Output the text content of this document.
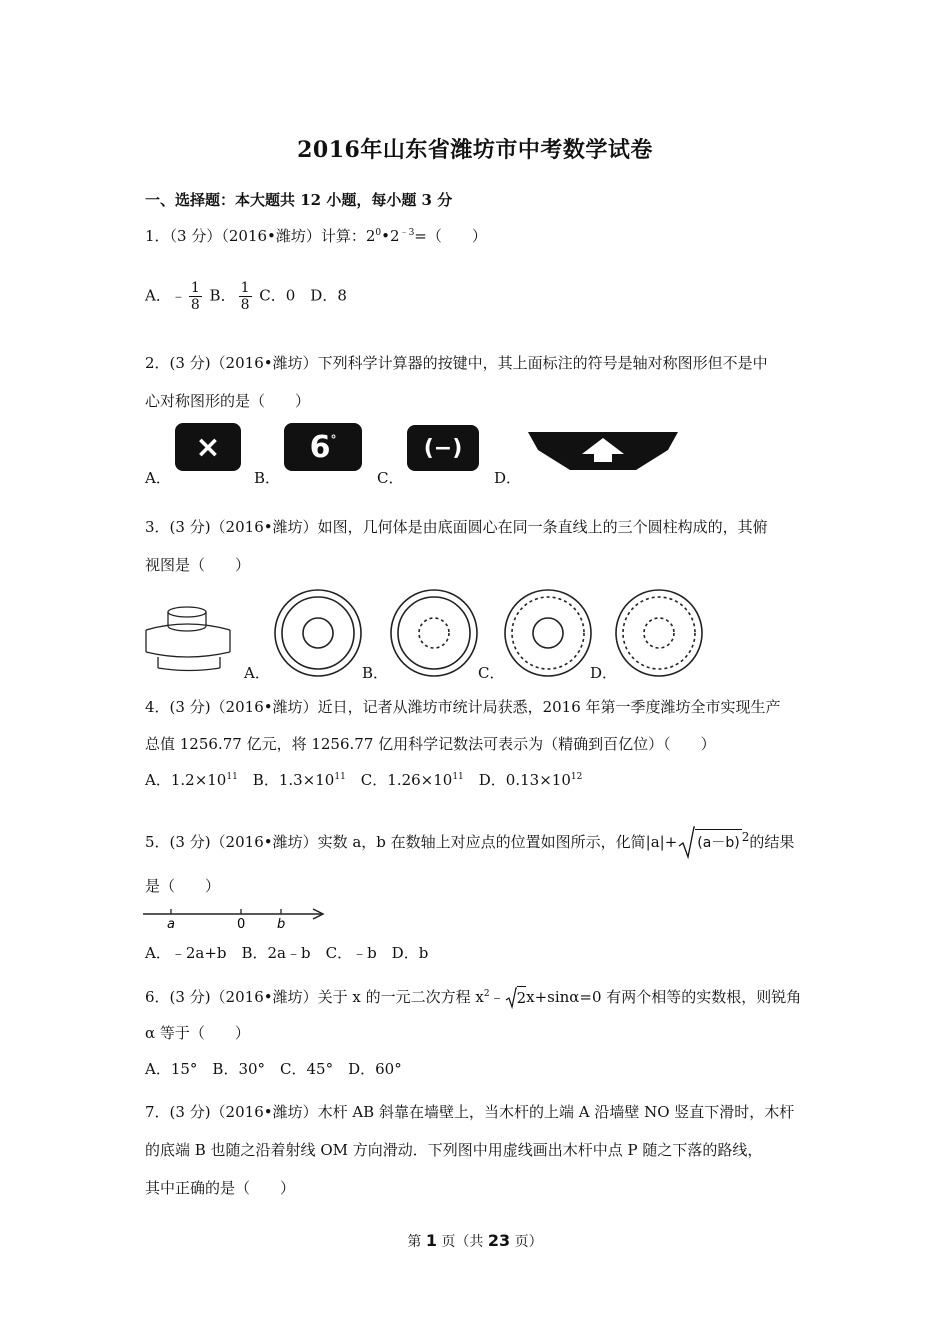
2016年山东省潍坊市中考数学试卷
一、选择题：本大题共 12 小题，每小题 3 分
1．（3 分）（2016•潍坊）计算：$2^0•2^{﹣3}=$（　　）
A．﹣ $\frac{1}{8}$ B． $\frac{1}{8}$ C．0　D．8
2．(3 分)（2016•潍坊）下列科学计算器的按键中，其上面标注的符号是轴对称图形但不是中
心对称图形的是（　　）
A．
×
B．
6 °
C．
(−)
D．
3．(3 分)（2016•潍坊）如图，几何体是由底面圆心在同一条直线上的三个圆柱构成的，其俯
视图是（　　）
A．	B．	C．	D．
4．(3 分)（2016•潍坊）近日，记者从潍坊市统计局获悉，2016 年第一季度潍坊全市实现生产
总值 1256.77 亿元，将 1256.77 亿用科学记数法可表示为（精确到百亿位）（　　）
A．$1.2\times 10^{11}$　B．$1.3\times 10^{11}$　C．$1.26\times 10^{11}$　D．$0.13\times 10^{12}$
5．(3 分)（2016•潍坊）实数 a，b 在数轴上对应点的位置如图所示，化简|a|+ (a－b) $^2$的结果
是（　　）
a	0 b
A．﹣2a+b　B．2a﹣b　C．﹣b　D．b
6．(3 分)（2016•潍坊）关于 x 的一元二次方程 $x^2﹣$ 2x+sinα=0 有两个相等的实数根，则锐角
α 等于（　　）
A．15°　B．30°　C．45°　D．60°
7．(3 分)（2016•潍坊）木杆 AB 斜靠在墙壁上，当木杆的上端 A 沿墙壁 NO 竖直下滑时，木杆
的底端 B 也随之沿着射线 OM 方向滑动．下列图中用虚线画出木杆中点 P 随之下落的路线，
其中正确的是（　　）
第 1 页（共 23 页）
